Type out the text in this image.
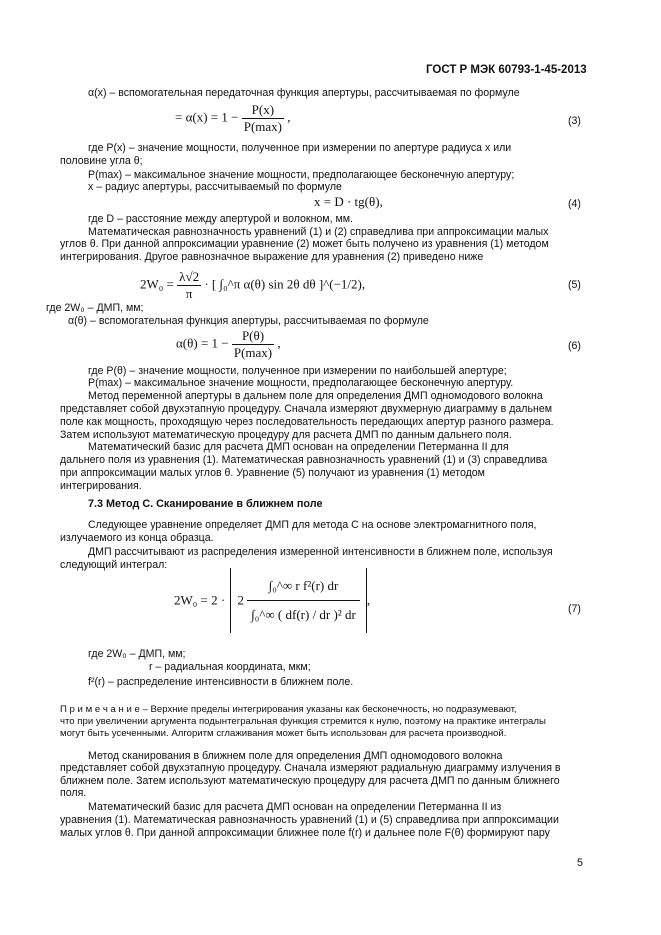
ГОСТ Р МЭК 60793-1-45-2013
α(x) – вспомогательная передаточная функция апертуры, рассчитываемая по формуле
= $\alpha(x) = 1 - \frac{P(x)}{P(\max)}$ ,	(3)
где P(x) – значение мощности, полученное при измерении по апертуре радиуса x или
половине угла θ;
P(max) – максимальное значение мощности, предполагающее бесконечную апертуру;
x – радиус апертуры, рассчитываемый по формуле
x = D · tg(θ),	(4)
где D – расстояние между апертурой и волокном, мм.
Математическая равнозначность уравнений (1) и (2) справедлива при аппроксимации малых
углов θ. При данной аппроксимации уравнение (2) может быть получено из уравнения (1) методом
интегрирования. Другое равнозначное выражение для уравнения (2) приведено ниже
$2W_0 = \frac{\lambda√2}{\pi}$ · [ ∫₀^π α(θ) sin 2θ dθ ]^(−1/2),	(5)
где 2W₀ – ДМП, мм;
α(θ) – вспомогательная функция апертуры, рассчитываемая по формуле
$\alpha(\theta) = 1 - \frac{P(\theta)}{P(\max)}$ ,	(6)
где P(θ) – значение мощности, полученное при измерении по наибольшей апертуре;
P(max) – максимальное значение мощности, предполагающее бесконечную апертуру.
Метод переменной апертуры в дальнем поле для определения ДМП одномодового волокна
представляет собой двухэтапную процедуру. Сначала измеряют двухмерную диаграмму в дальнем
поле как мощность, проходящую через последовательность передающих апертур разного размера.
Затем используют математическую процедуру для расчета ДМП по данным дальнего поля.
Математический базис для расчета ДМП основан на определении Петерманна II для
дальнего поля из уравнения (1). Математическая равнозначность уравнений (1) и (3) справедлива
при аппроксимации малых углов θ. Уравнение (5) получают из уравнения (1) методом
интегрирования.
7.3 Метод С. Сканирование в ближнем поле
Следующее уравнение определяет ДМП для метода С на основе электромагнитного поля,
излучаемого из конца образца.
ДМП рассчитывают из распределения измеренной интенсивности в ближнем поле, используя
следующий интеграл:
$2W_0 = 2 \cdot 2 \frac{\text{∫₀\textasciicircum{}∞ r f²(r) dr}}{\text{∫₀\textasciicircum{}∞ ( df(r) / dr )² dr}}$ ,
(7)
где 2W₀ – ДМП, мм;
r – радиальная координата, мкм;
f²(r) – распределение интенсивности в ближнем поле.
П р и м е ч а н и е – Верхние пределы интегрирования указаны как бесконечность, но подразумевают,
что при увеличении аргумента подынтегральная функция стремится к нулю, поэтому на практике интегралы
могут быть усеченными. Алгоритм сглаживания может быть использован для расчета производной.
Метод сканирования в ближнем поле для определения ДМП одномодового волокна
представляет собой двухэтапную процедуру. Сначала измеряют радиальную диаграмму излучения в
ближнем поле. Затем используют математическую процедуру для расчета ДМП по данным ближнего
поля.
Математический базис для расчета ДМП основан на определении Петерманна II из
уравнения (1). Математическая равнозначность уравнений (1) и (5) справедлива при аппроксимации
малых углов θ. При данной аппроксимации ближнее поле f(r) и дальнее поле F(θ) формируют пару
5
